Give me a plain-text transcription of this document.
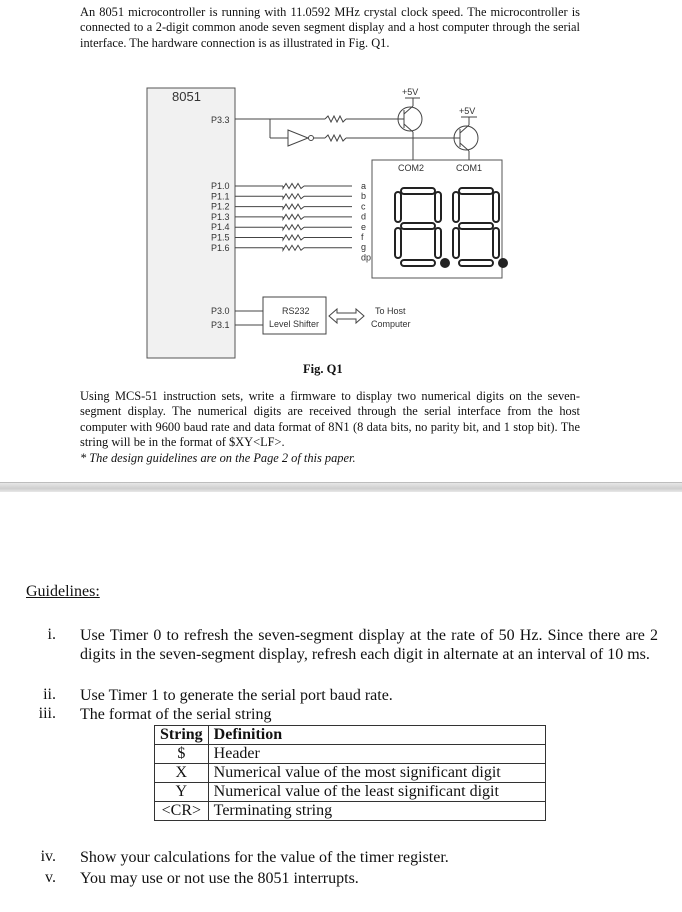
An 8051 microcontroller is running with 11.0592 MHz crystal clock speed. The microcontroller is connected to a 2-digit common anode seven segment display and a host computer through the serial interface. The hardware connection is as illustrated in Fig. Q1.
8051
P3.3
P3.0
P3.1
+5V
+5V
COM2	COM1
RS232
Level Shifter
To Host
Computer
P1.0
P1.1
P1.2
P1.3
P1.4
P1.5
P1.6
a
b
c
d
e
f
g
dp
Fig. Q1
Using MCS-51 instruction sets, write a firmware to display two numerical digits on the seven-segment display. The numerical digits are received through the serial interface from the host computer with 9600 baud rate and data format of 8N1 (8 data bits, no parity bit, and 1 stop bit). The string will be in the format of $XY<LF>.
* The design guidelines are on the Page 2 of this paper.
Guidelines:
i. Use Timer 0 to refresh the seven-segment display at the rate of 50 Hz. Since there are 2 digits in the seven-segment display, refresh each digit in alternate at an interval of 10 ms.
ii. Use Timer 1 to generate the serial port baud rate.
iii. The format of the serial string
String	Definition
$	Header
X	Numerical value of the most significant digit
Y	Numerical value of the least significant digit
<CR>	Terminating string
iv. Show your calculations for the value of the timer register.
v. You may use or not use the 8051 interrupts.
